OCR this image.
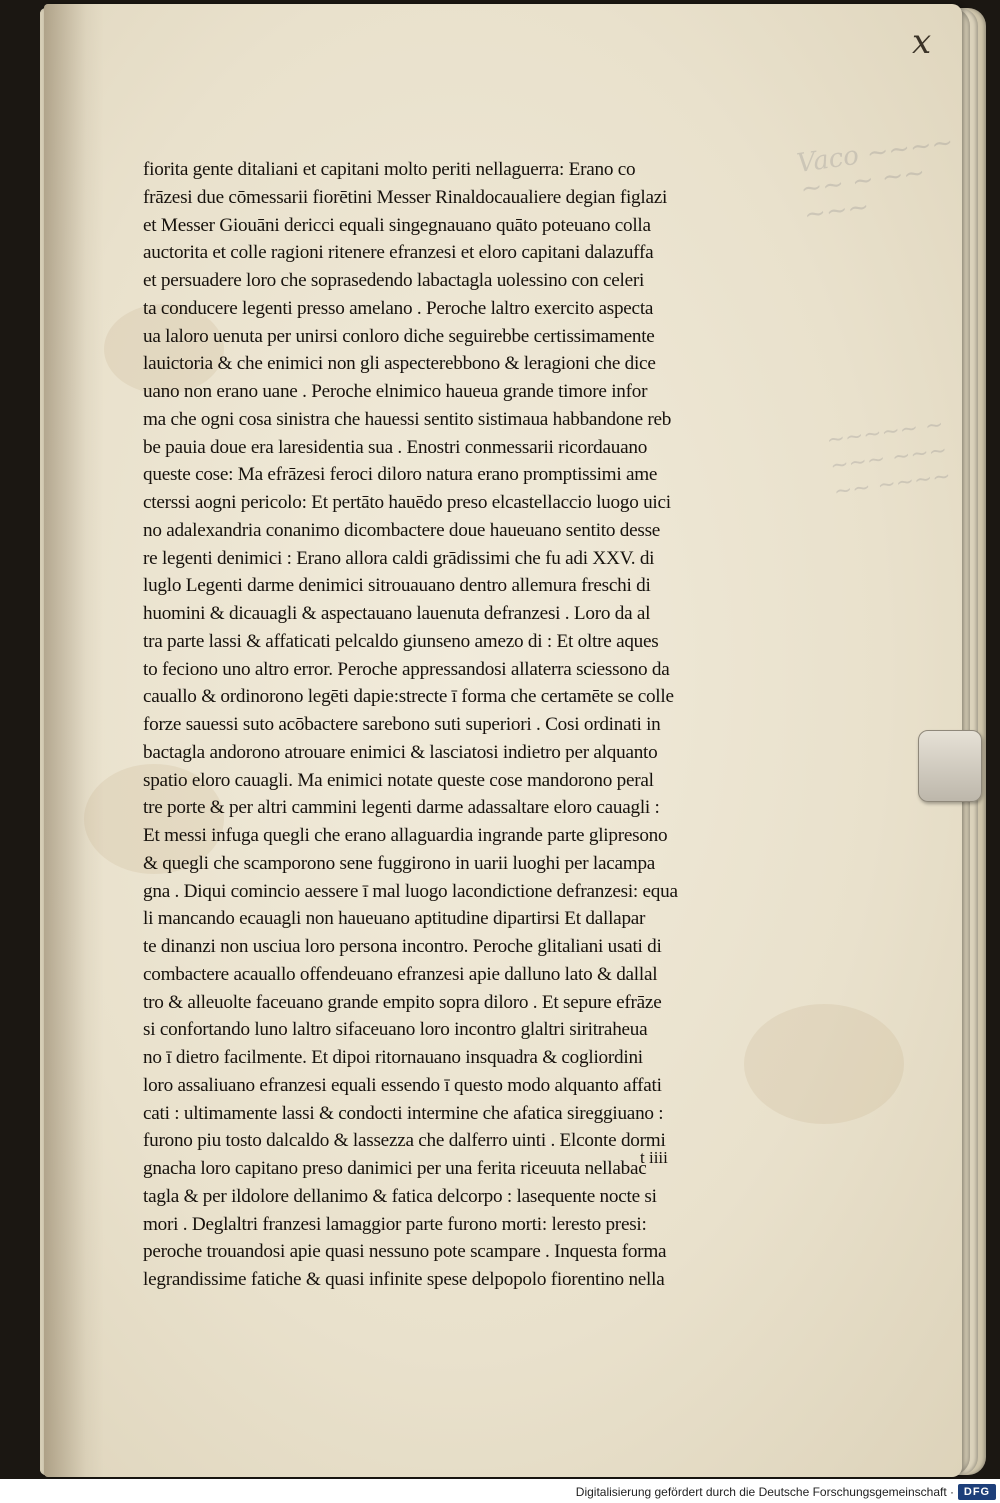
Vaco ~~~~
~~ ~ ~~
~~~
~~~~~ ~
~~~ ~~~
~~ ~~~~
x
fiorita gente ditaliani et capitani molto periti nellaguerra: Erano co
frāzesi due cōmessarii fiorētini Messer Rinaldocaualiere degian figlazi
et Messer Giouāni dericci equali singegnauano quāto poteuano colla
auctorita et colle ragioni ritenere efranzesi et eloro capitani dalazuffa
et persuadere loro che soprasedendo labactagla uolessino con celeri
ta conducere legenti presso amelano . Peroche laltro exercito aspecta
ua laloro uenuta per unirsi conloro diche seguirebbe certissimamente
lauictoria & che enimici non gli aspecterebbono & leragioni che dice
uano non erano uane . Peroche elnimico haueua grande timore infor
ma che ogni cosa sinistra che hauessi sentito sistimaua habbandone reb
be pauia doue era laresidentia sua . Enostri conmessarii ricordauano
queste cose: Ma efrāzesi feroci diloro natura erano promptissimi ame
cterssi aogni pericolo: Et pertāto hauēdo preso elcastellaccio luogo uici
no adalexandria conanimo dicombactere doue haueuano sentito desse
re legenti denimici : Erano allora caldi grādissimi che fu adi XXV. di
luglo Legenti darme denimici sitrouauano dentro allemura freschi di
huomini & dicauagli & aspectauano lauenuta defranzesi . Loro da al
tra parte lassi & affaticati pelcaldo giunseno amezo di : Et oltre aques
to feciono uno altro error. Peroche appressandosi allaterra sciessono da
cauallo & ordinorono legēti dapie:strecte ī forma che certamēte se colle
forze sauessi suto acōbactere sarebono suti superiori . Cosi ordinati in
bactagla andorono atrouare enimici & lasciatosi indietro per alquanto
spatio eloro cauagli. Ma enimici notate queste cose mandorono peral
tre porte & per altri cammini legenti darme adassaltare eloro cauagli :
Et messi infuga quegli che erano allaguardia ingrande parte glipresono
& quegli che scamporono sene fuggirono in uarii luoghi per lacampa
gna . Diqui comincio aessere ī mal luogo lacondictione defranzesi: equa
li mancando ecauagli non haueuano aptitudine dipartirsi Et dallapar
te dinanzi non usciua loro persona incontro. Peroche glitaliani usati di
combactere acauallo offendeuano efranzesi apie dalluno lato & dallal
tro & alleuolte faceuano grande empito sopra diloro . Et sepure efrāze
si confortando luno laltro sifaceuano loro incontro glaltri siritraheua
no ī dietro facilmente. Et dipoi ritornauano insquadra & cogliordini
loro assaliuano efranzesi equali essendo ī questo modo alquanto affati
cati : ultimamente lassi & condocti intermine che afatica sireggiuano :
furono piu tosto dalcaldo & lassezza che dalferro uinti . Elconte dormi
gnacha loro capitano preso danimici per una ferita riceuuta nellabac
tagla & per ildolore dellanimo & fatica delcorpo : lasequente nocte si
mori . Deglaltri franzesi lamaggior parte furono morti: leresto presi:
peroche trouandosi apie quasi nessuno pote scampare . Inquesta forma
legrandissime fatiche & quasi infinite spese delpopolo fiorentino nella
t iiii
Digitalisierung gefördert durch die Deutsche Forschungsgemeinschaft · DFG
